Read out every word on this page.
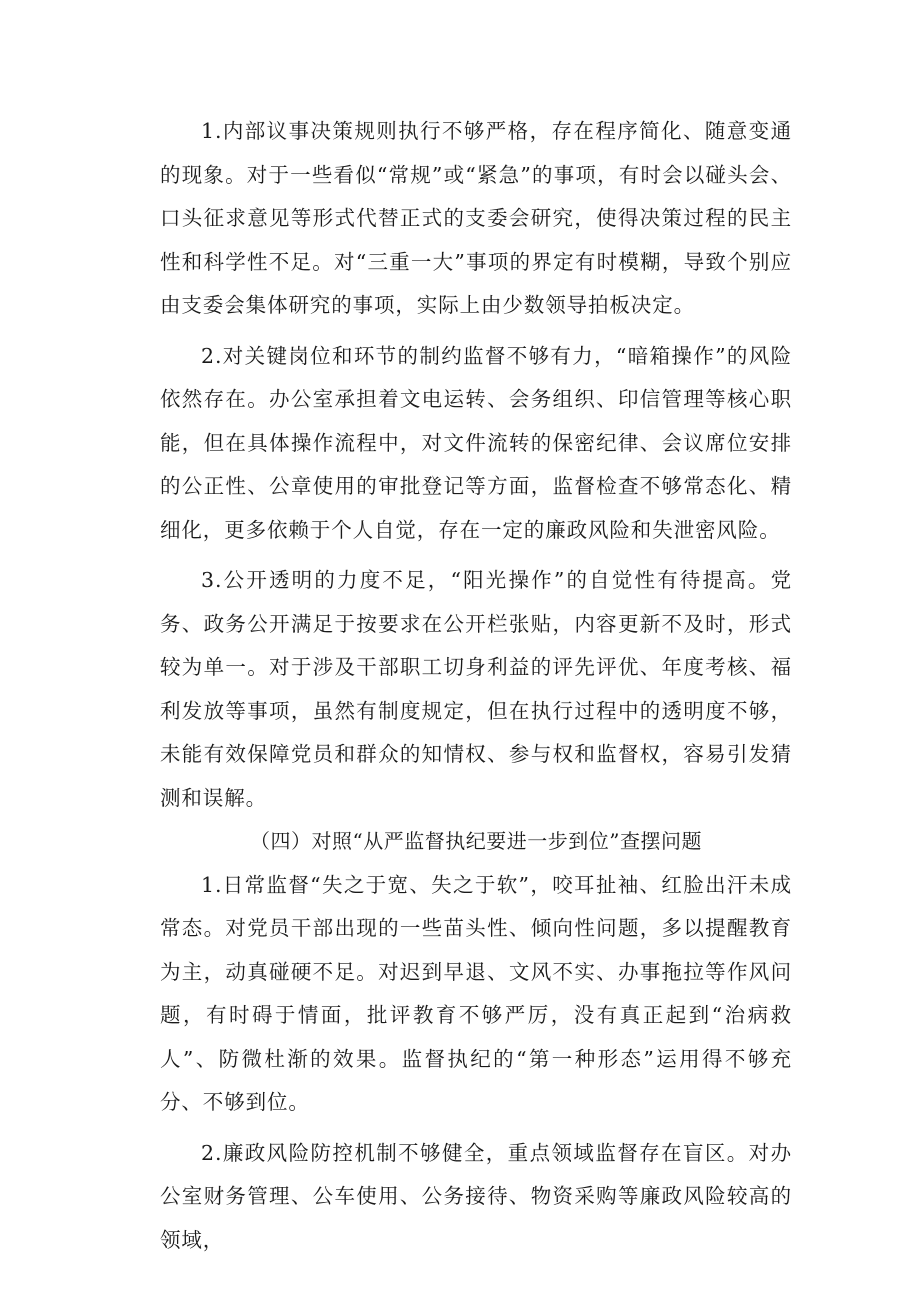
1.内部议事决策规则执行不够严格，存在程序简化、随意变通的现象。对于一些看似“常规”或“紧急”的事项，有时会以碰头会、口头征求意见等形式代替正式的支委会研究，使得决策过程的民主性和科学性不足。对“三重一大”事项的界定有时模糊，导致个别应由支委会集体研究的事项，实际上由少数领导拍板决定。

2.对关键岗位和环节的制约监督不够有力，“暗箱操作”的风险依然存在。办公室承担着文电运转、会务组织、印信管理等核心职能，但在具体操作流程中，对文件流转的保密纪律、会议席位安排的公正性、公章使用的审批登记等方面，监督检查不够常态化、精细化，更多依赖于个人自觉，存在一定的廉政风险和失泄密风险。

3.公开透明的力度不足，“阳光操作”的自觉性有待提高。党务、政务公开满足于按要求在公开栏张贴，内容更新不及时，形式较为单一。对于涉及干部职工切身利益的评先评优、年度考核、福利发放等事项，虽然有制度规定，但在执行过程中的透明度不够，未能有效保障党员和群众的知情权、参与权和监督权，容易引发猜测和误解。

（四）对照“从严监督执纪要进一步到位”查摆问题

1.日常监督“失之于宽、失之于软”，咬耳扯袖、红脸出汗未成常态。对党员干部出现的一些苗头性、倾向性问题，多以提醒教育为主，动真碰硬不足。对迟到早退、文风不实、办事拖拉等作风问题，有时碍于情面，批评教育不够严厉，没有真正起到“治病救人”、防微杜渐的效果。监督执纪的“第一种形态”运用得不够充分、不够到位。

2.廉政风险防控机制不够健全，重点领域监督存在盲区。对办公室财务管理、公车使用、公务接待、物资采购等廉政风险较高的领域，
